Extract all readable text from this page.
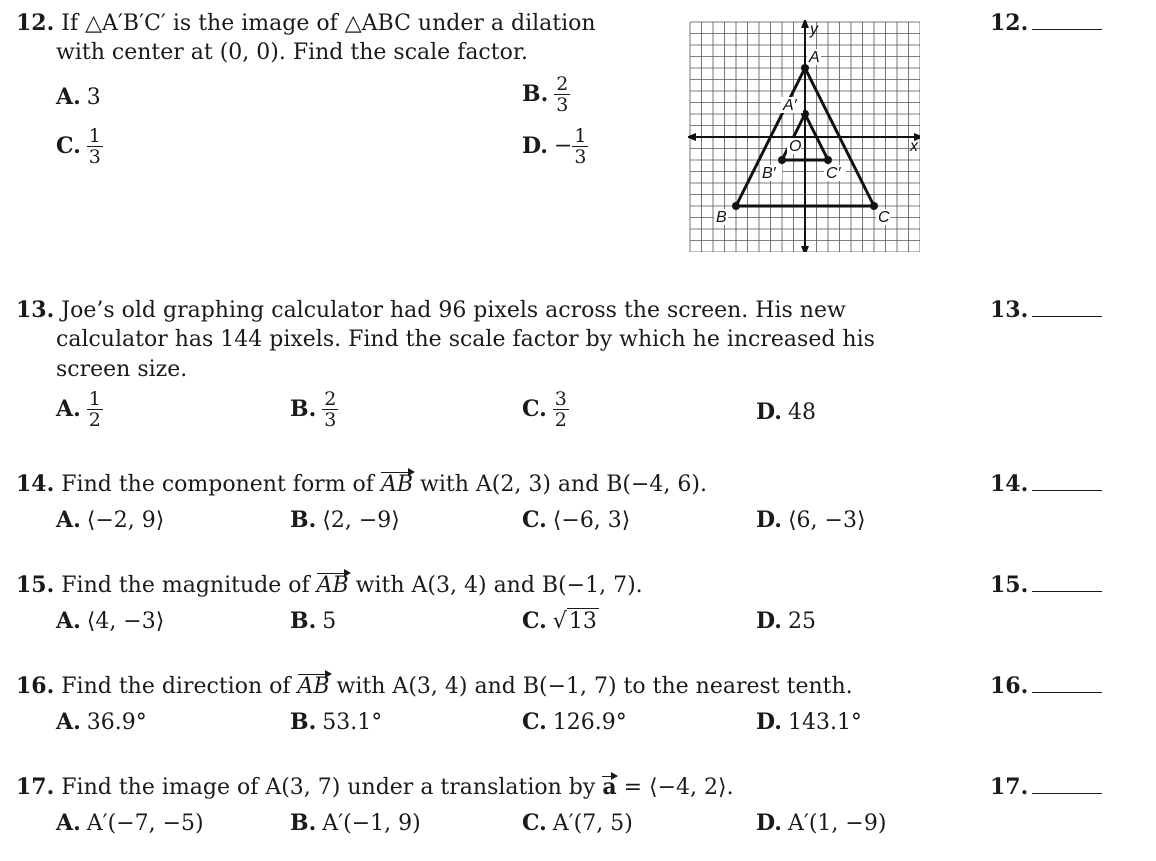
12. If △A′B′C′ is the image of △ABC under a dilation
with center at (0, 0). Find the scale factor.
A. 3	B. $\frac{2}{3}$
C. $\frac{1}{3}$	D. − $\frac{1}{3}$
12.
A
A′
B	C
B′	C′
O	x
y
13. Joe’s old graphing calculator had 96 pixels across the screen. His new
calculator has 144 pixels. Find the scale factor by which he increased his
screen size.
A. $\frac{1}{2}$	B. $\frac{2}{3}$	C. $\frac{3}{2}$	D. 48
13.
14. Find the component form of AB with A(2, 3) and B(−4, 6).
A. ⟨−2, 9⟩	B. ⟨2, −9⟩	C. ⟨−6, 3⟩	D. ⟨6, −3⟩
14.
15. Find the magnitude of AB with A(3, 4) and B(−1, 7).
A. ⟨4, −3⟩	B. 5	C. √13	D. 25
15.
16. Find the direction of AB with A(3, 4) and B(−1, 7) to the nearest tenth.
A. 36.9°	B. 53.1°	C. 126.9°	D. 143.1°
16.
17. Find the image of A(3, 7) under a translation by a = ⟨−4, 2⟩.
A. A′(−7, −5)	B. A′(−1, 9)	C. A′(7, 5)	D. A′(1, −9)
17.
